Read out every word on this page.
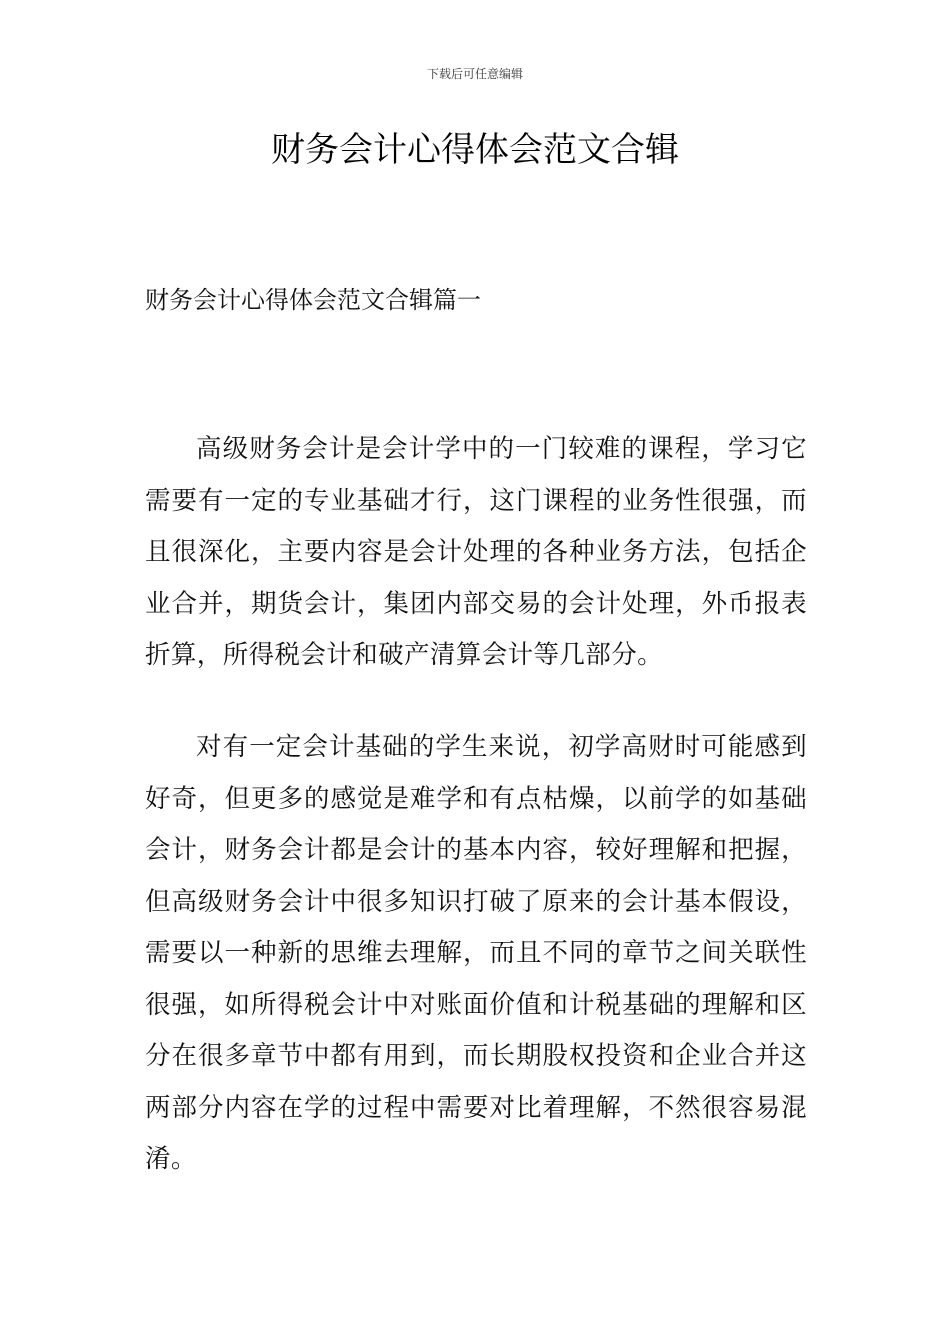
下载后可任意编辑
财务会计心得体会范文合辑
财务会计心得体会范文合辑篇一

高级财务会计是会计学中的一门较难的课程，学习它需要有一定的专业基础才行，这门课程的业务性很强，而且很深化，主要内容是会计处理的各种业务方法，包括企业合并，期货会计，集团内部交易的会计处理，外币报表折算，所得税会计和破产清算会计等几部分。

对有一定会计基础的学生来说，初学高财时可能感到好奇，但更多的感觉是难学和有点枯燥，以前学的如基础会计，财务会计都是会计的基本内容，较好理解和把握，但高级财务会计中很多知识打破了原来的会计基本假设，需要以一种新的思维去理解，而且不同的章节之间关联性很强，如所得税会计中对账面价值和计税基础的理解和区分在很多章节中都有用到，而长期股权投资和企业合并这两部分内容在学的过程中需要对比着理解，不然很容易混淆。
